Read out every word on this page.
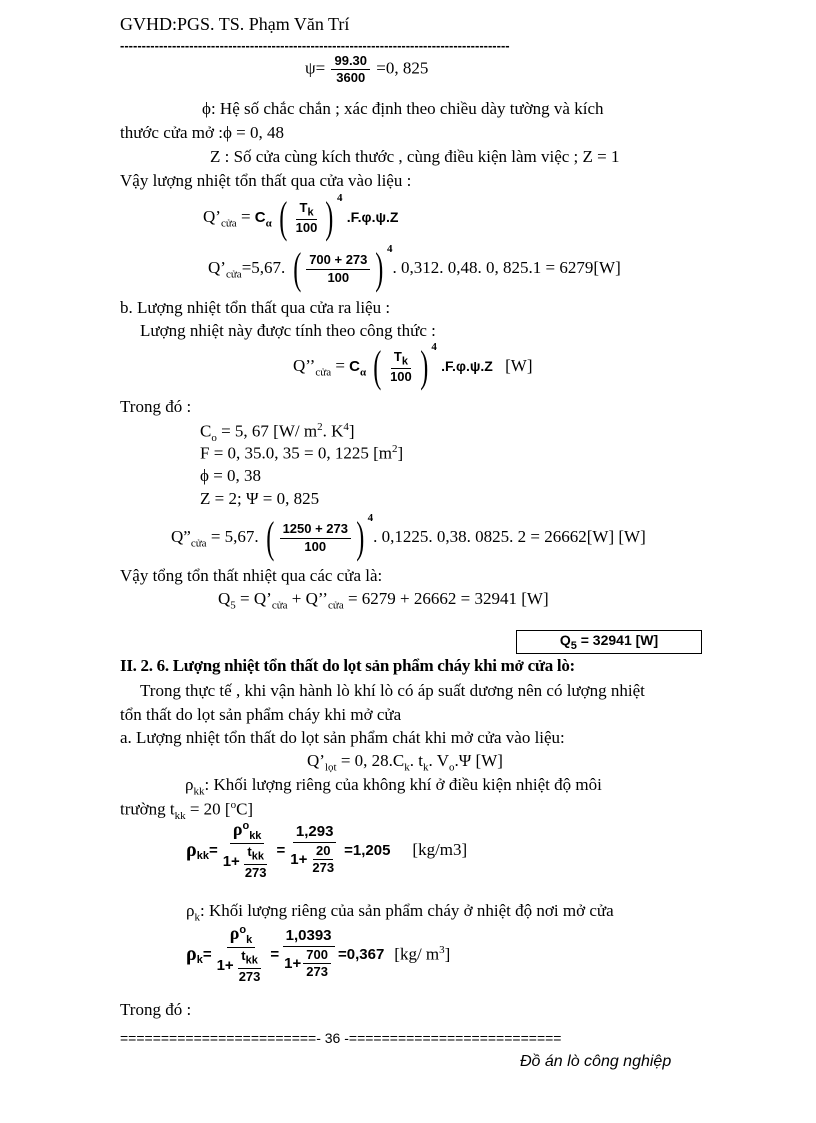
GVHD:PGS. TS. Phạm Văn Trí
------------------------------------------------------------------------------------------
$\psi= \frac{99.30}{3600} =0$, 825
ϕ: Hệ số chắc chắn ; xác định theo chiều dày tường và kích
thước cửa mở :ϕ = 0, 48
Z : Số cửa cùng kích thước , cùng điều kiện làm việc ; Z = 1
Vậy lượng nhiệt tổn thất qua cửa vào liệu :
$Q’_{cửa} = C_\alpha$ ( $\frac{T_k}{100}$ ) $^4$ .F.φ.ψ.Z
$Q’_{cửa}=5,67$. ( $\frac{700 + 273}{100}$ ) $^4$. 0,312. 0,48. 0, 825.1 = 6279[W]
b. Lượng nhiệt tổn thất qua cửa ra liệu :
Lượng nhiệt này được tính theo công thức :
$Q’’_{cửa} = C_\alpha$ ( $\frac{T_k}{100}$ ) $^4$ .F.φ.ψ.Z [W]
Trong đó :
$C_o = 5$, 67 [W/ $m^2$. $K^4$]
F = 0, 35.0, 35 = 0, 1225 $[m^2]$
ϕ = 0, 38
Z = 2; Ψ = 0, 825
$Q”_{cửa} = 5,67$. ( $\frac{1250 + 273}{100}$ ) $^4$. 0,1225. 0,38. 0825. 2 = 26662[W] [W]
Vậy tổng tổn thất nhiệt qua các cửa là:
$Q_5$ = $Q’_{cửa}$ + $Q’’_{cửa} = 6279 + 26662 = 32941$ [W]
$Q_5 = 32941$ [W]
II. 2. 6. Lượng nhiệt tổn thất do lọt sản phẩm cháy khi mở cửa lò:
Trong thực tế , khi vận hành lò khí lò có áp suất dương nên có lượng nhiệt
tổn thất do lọt sản phẩm cháy khi mở cửa
a. Lượng nhiệt tổn thất do lọt sản phẩm chát khi mở cửa vào liệu:
$Q’_{lọt} = 0$, $28.C_k$. $t_k$. $V_o.\Psi$ [W]
$\rho_{kk}$: Khối lượng riêng của không khí ở điều kiện nhiệt độ môi
trường $t_{kk} = 20$ [$^o$C]
$\rho_{kk} = \frac{\rho^o_{kk}}{1+ \frac{t_{kk}}{273}} = \frac{1,293}{1+ \frac{20}{273}} =1,205$ [kg/m3]
$\rho_k$: Khối lượng riêng của sản phẩm cháy ở nhiệt độ nơi mở cửa
$\rho_k = \frac{\rho^o_k}{1+ \frac{t_{kk}}{273}} = \frac{1,0393}{1+ \frac{700}{273}} =0,367$ [kg/ $m^3$]
Trong đó :
========================- 36 -==========================
Đồ án lò công nghiệp
